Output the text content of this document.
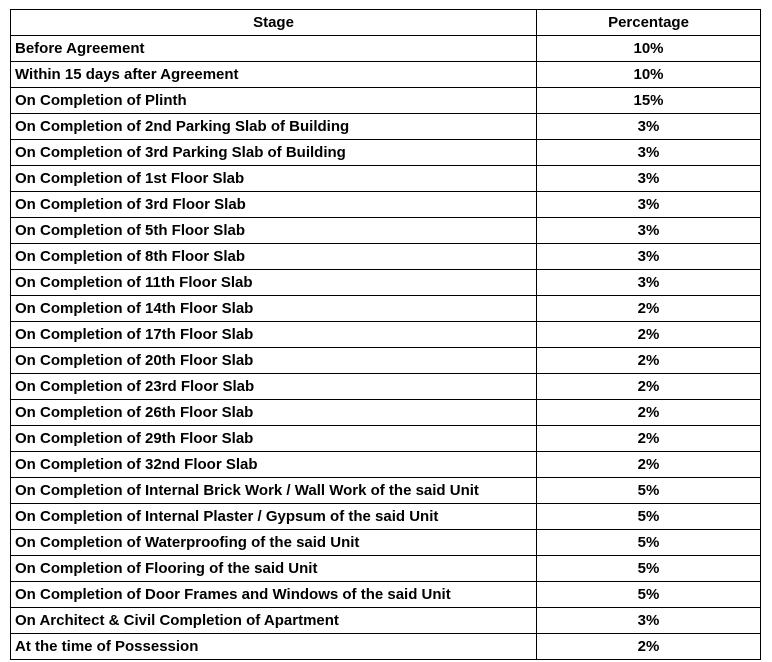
Stage	Percentage
Before Agreement	10%
Within 15 days after Agreement	10%
On Completion of Plinth	15%
On Completion of 2nd Parking Slab of Building	3%
On Completion of 3rd Parking Slab of Building	3%
On Completion of 1st Floor Slab	3%
On Completion of 3rd Floor Slab	3%
On Completion of 5th Floor Slab	3%
On Completion of 8th Floor Slab	3%
On Completion of 11th Floor Slab	3%
On Completion of 14th Floor Slab	2%
On Completion of 17th Floor Slab	2%
On Completion of 20th Floor Slab	2%
On Completion of 23rd Floor Slab	2%
On Completion of 26th Floor Slab	2%
On Completion of 29th Floor Slab	2%
On Completion of 32nd Floor Slab	2%
On Completion of Internal Brick Work / Wall Work of the said Unit	5%
On Completion of Internal Plaster / Gypsum of the said Unit	5%
On Completion of Waterproofing of the said Unit	5%
On Completion of Flooring of the said Unit	5%
On Completion of Door Frames and Windows of the said Unit	5%
On Architect & Civil Completion of Apartment	3%
At the time of Possession	2%
